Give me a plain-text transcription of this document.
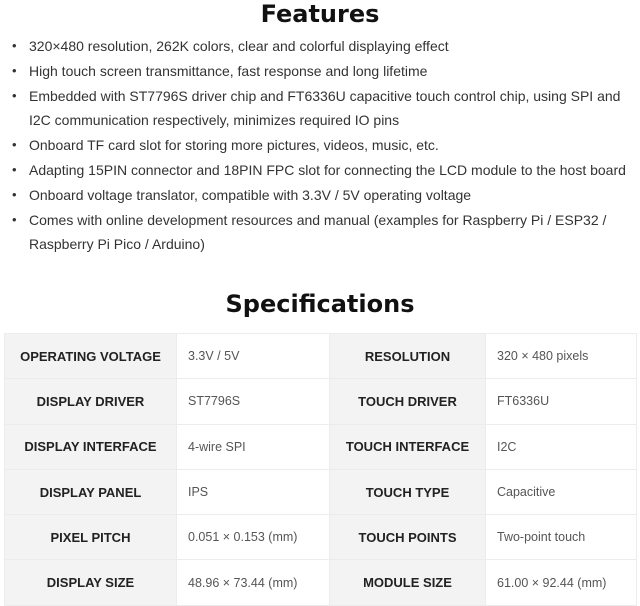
Features
• 320×480 resolution, 262K colors, clear and colorful displaying effect
• High touch screen transmittance, fast response and long lifetime
• Embedded with ST7796S driver chip and FT6336U capacitive touch control chip, using SPI and
I2C communication respectively, minimizes required IO pins
• Onboard TF card slot for storing more pictures, videos, music, etc.
• Adapting 15PIN connector and 18PIN FPC slot for connecting the LCD module to the host board
• Onboard voltage translator, compatible with 3.3V / 5V operating voltage
• Comes with online development resources and manual (examples for Raspberry Pi / ESP32 /
Raspberry Pi Pico / Arduino)
Specifications
OPERATING VOLTAGE	3.3V / 5V	RESOLUTION	320 × 480 pixels
DISPLAY DRIVER	ST7796S	TOUCH DRIVER	FT6336U
DISPLAY INTERFACE	4-wire SPI	TOUCH INTERFACE	I2C
DISPLAY PANEL	IPS	TOUCH TYPE	Capacitive
PIXEL PITCH	0.051 × 0.153 (mm)	TOUCH POINTS	Two-point touch
DISPLAY SIZE	48.96 × 73.44 (mm)	MODULE SIZE	61.00 × 92.44 (mm)
